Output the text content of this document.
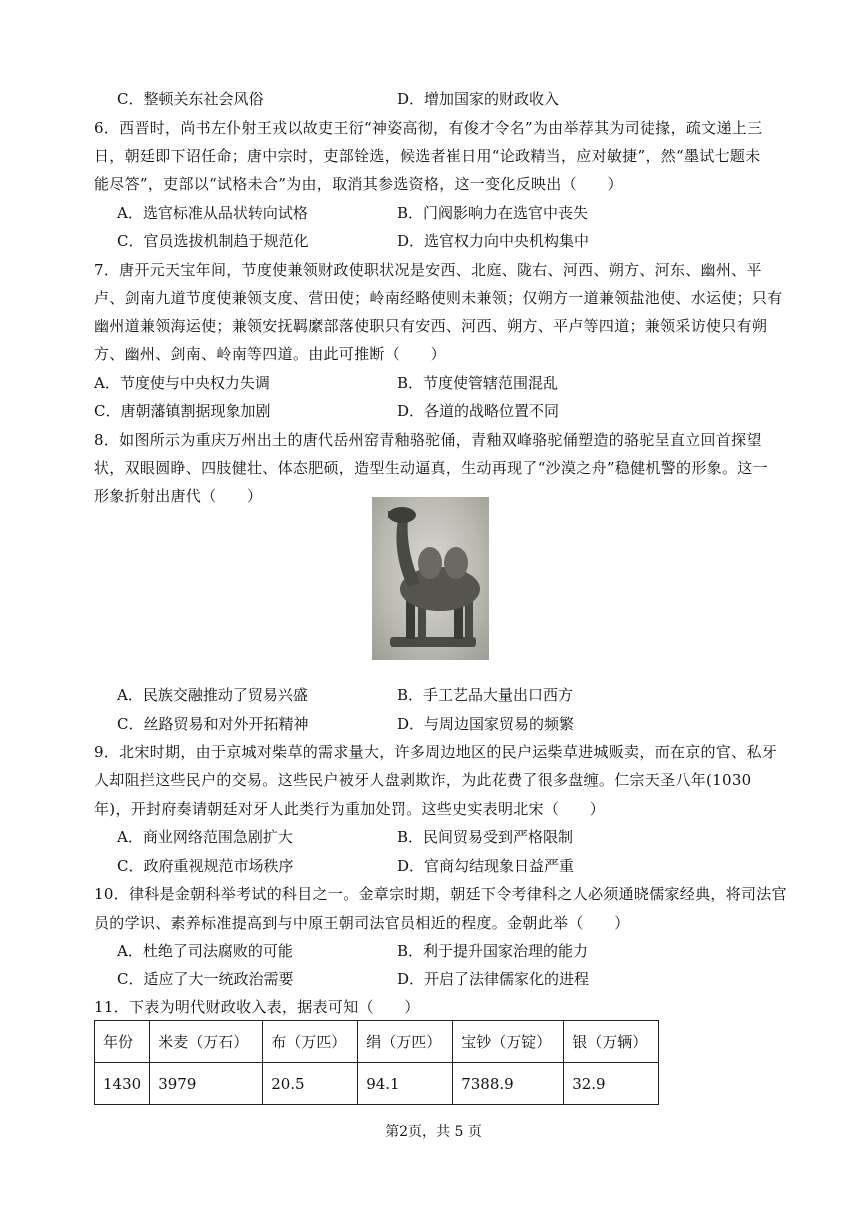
C．整顿关东社会风俗	D．增加国家的财政收入
6．西晋时，尚书左仆射王戎以故吏王衍“神姿高彻，有俊才令名”为由举荐其为司徒掾，疏文递上三
日，朝廷即下诏任命；唐中宗时，吏部铨选，候选者崔日用“论政精当，应对敏捷”，然“墨试七题未
能尽答”，吏部以“试格未合”为由，取消其参选资格，这一变化反映出（　　）
A．选官标准从品状转向试格	B．门阀影响力在选官中丧失
C．官员选拔机制趋于规范化	D．选官权力向中央机构集中
7．唐开元天宝年间，节度使兼领财政使职状况是安西、北庭、陇右、河西、朔方、河东、幽州、平
卢、剑南九道节度使兼领支度、营田使；岭南经略使则未兼领；仅朔方一道兼领盐池使、水运使；只有
幽州道兼领海运使；兼领安抚羁縻部落使职只有安西、河西、朔方、平卢等四道；兼领采访使只有朔
方、幽州、剑南、岭南等四道。由此可推断（　　）
A．节度使与中央权力失调	B．节度使管辖范围混乱
C．唐朝藩镇割据现象加剧	D．各道的战略位置不同
8．如图所示为重庆万州出土的唐代岳州窑青釉骆驼俑，青釉双峰骆驼俑塑造的骆驼呈直立回首探望
状，双眼圆睁、四肢健壮、体态肥硕，造型生动逼真，生动再现了“沙漠之舟”稳健机警的形象。这一
形象折射出唐代（　　）
A．民族交融推动了贸易兴盛	B．手工艺品大量出口西方
C．丝路贸易和对外开拓精神	D．与周边国家贸易的频繁
9．北宋时期，由于京城对柴草的需求量大，许多周边地区的民户运柴草进城贩卖，而在京的官、私牙
人却阻拦这些民户的交易。这些民户被牙人盘剥欺诈，为此花费了很多盘缠。仁宗天圣八年(1030
年)，开封府奏请朝廷对牙人此类行为重加处罚。这些史实表明北宋（　　）
A．商业网络范围急剧扩大	B．民间贸易受到严格限制
C．政府重视规范市场秩序	D．官商勾结现象日益严重
10．律科是金朝科举考试的科目之一。金章宗时期，朝廷下令考律科之人必须通晓儒家经典，将司法官
员的学识、素养标准提高到与中原王朝司法官员相近的程度。金朝此举（　　）
A．杜绝了司法腐败的可能	B．利于提升国家治理的能力
C．适应了大一统政治需要	D．开启了法律儒家化的进程
11．下表为明代财政收入表，据表可知（　　）
年份	米麦（万石）	布（万匹）	绢（万匹）	宝钞（万锭）	银（万辆）
1430	3979	20.5	94.1	7388.9	32.9
第2页，共 5 页
